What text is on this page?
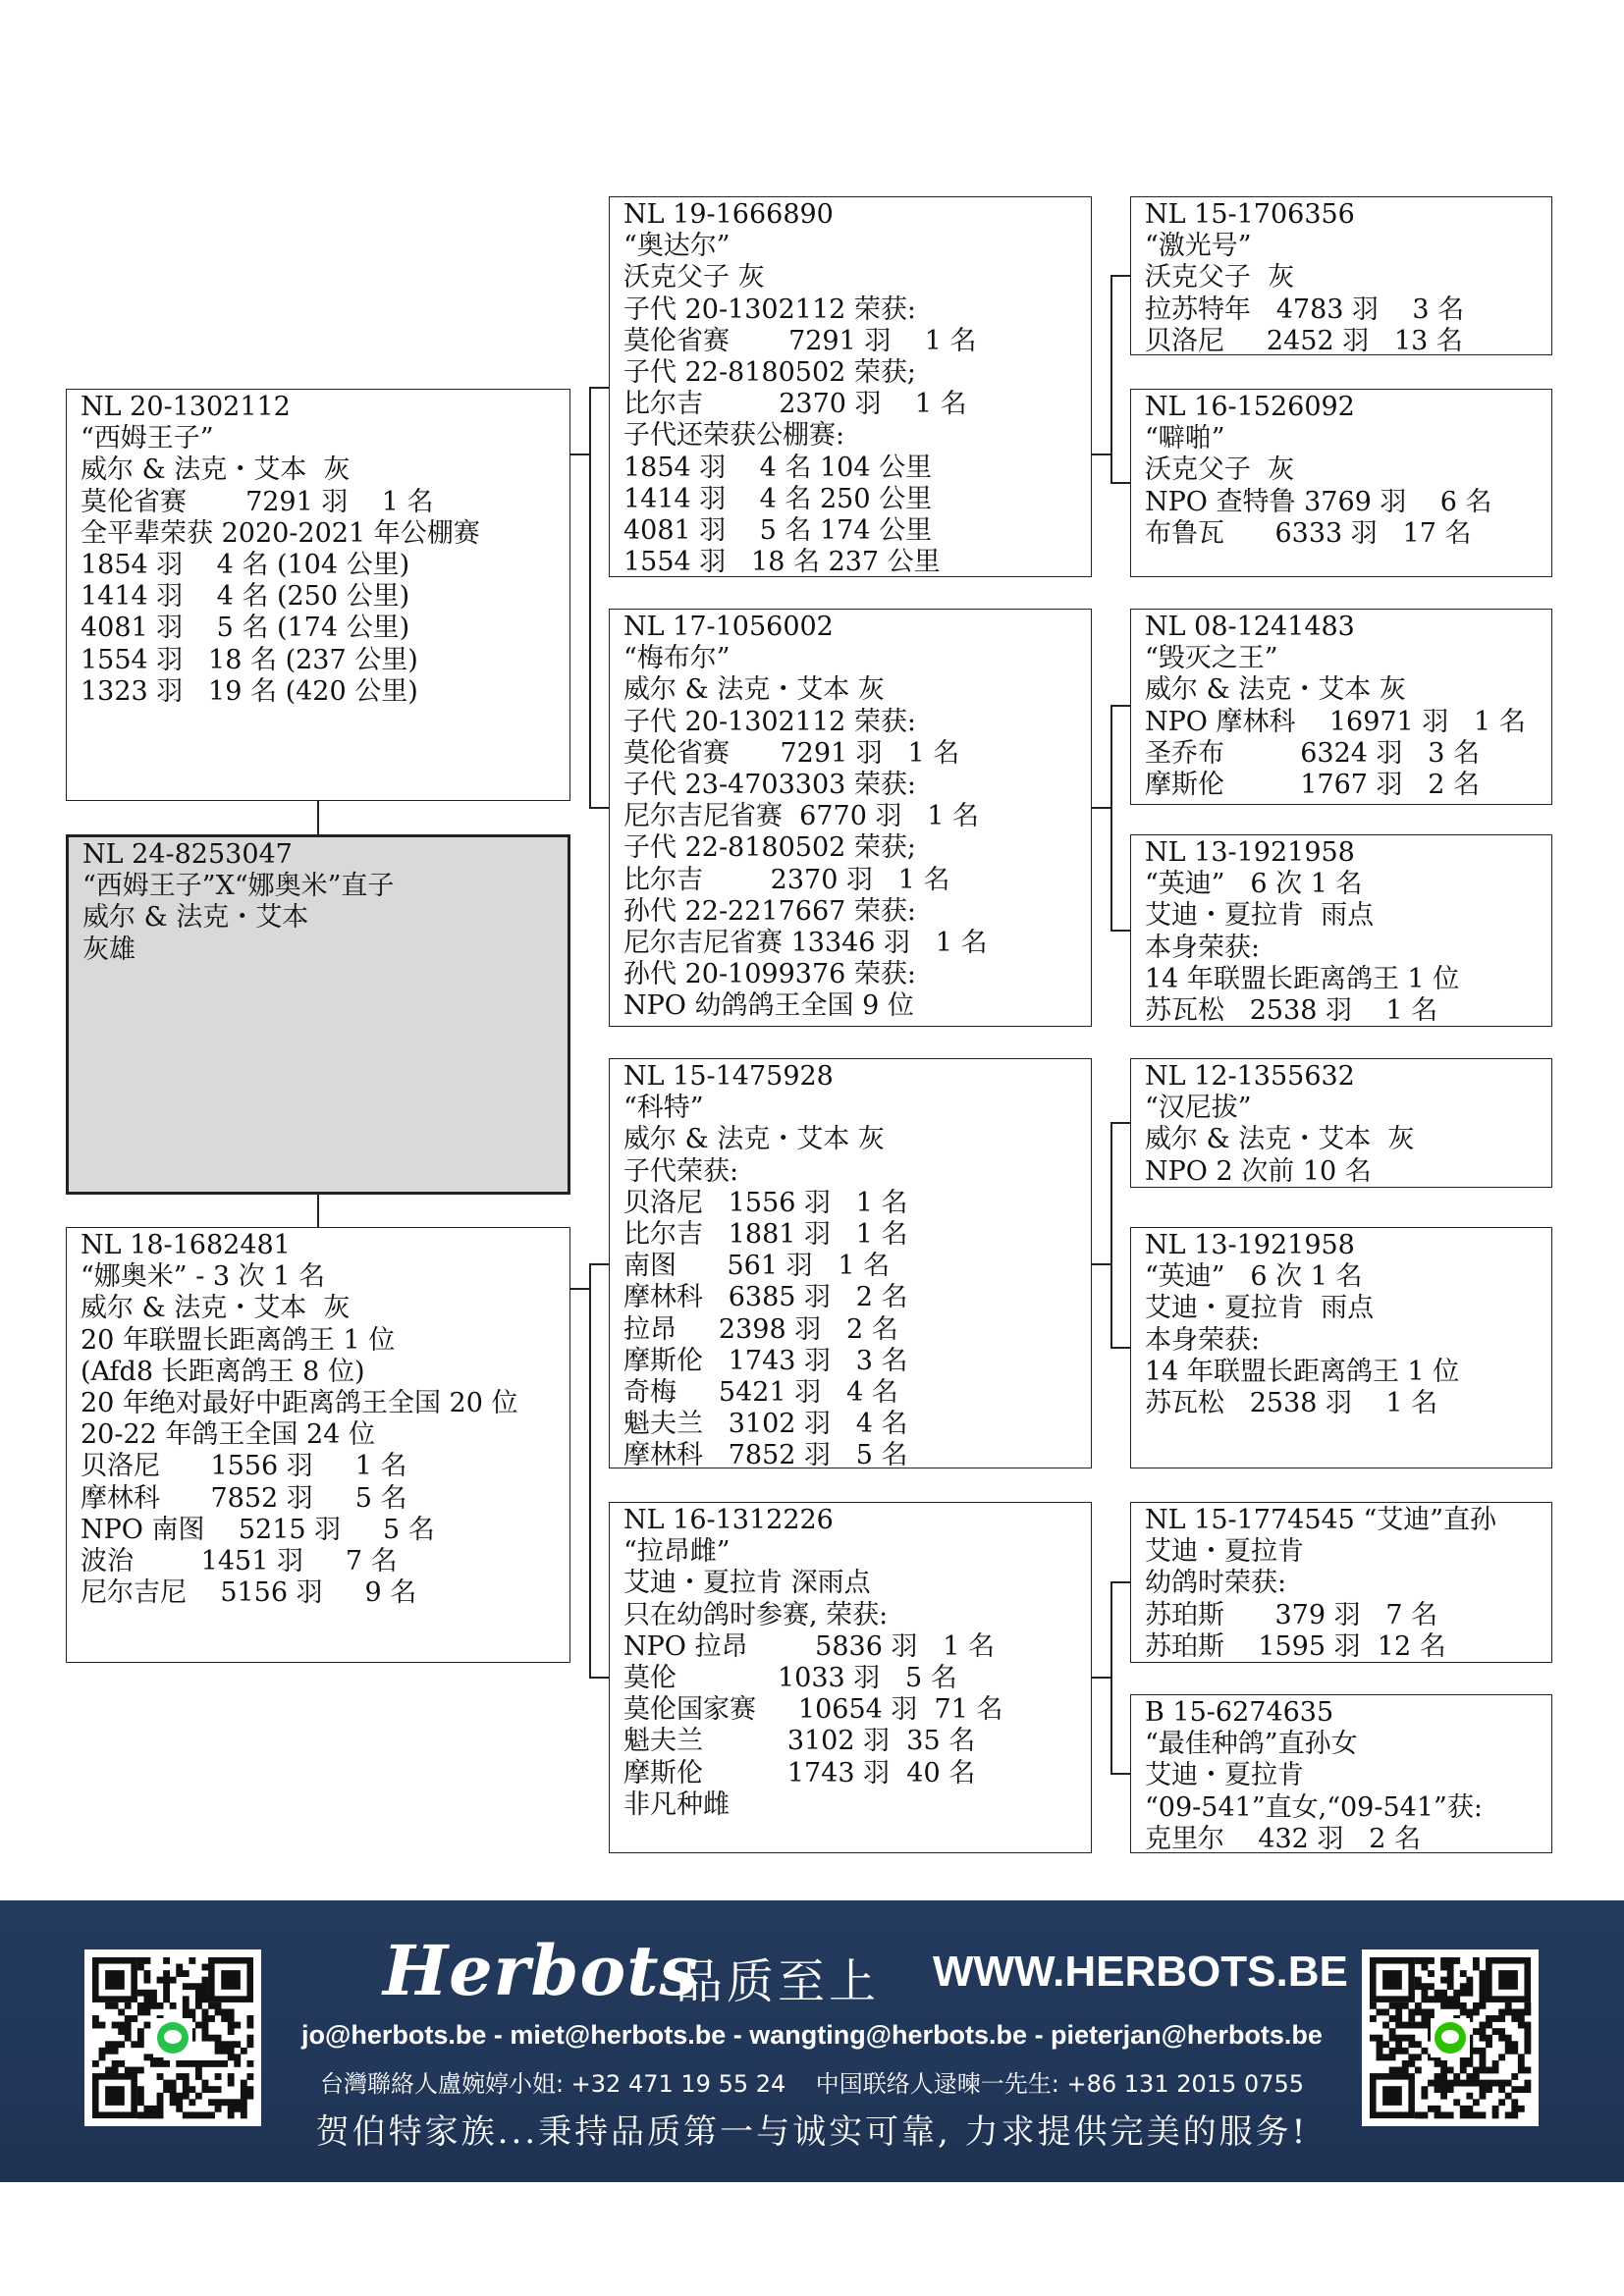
NL 24-8253047
“西姆王子”X“娜奥米”直子
威尔 & 法克・艾本
灰雄
NL 20-1302112
“西姆王子”
威尔 & 法克・艾本  灰
莫伦省赛       7291 羽    1 名
全平辈荣获 2020-2021 年公棚赛
1854 羽    4 名 (104 公里)
1414 羽    4 名 (250 公里)
4081 羽    5 名 (174 公里)
1554 羽   18 名 (237 公里)
1323 羽   19 名 (420 公里)
NL 18-1682481
“娜奥米” - 3 次 1 名
威尔 & 法克・艾本  灰
20 年联盟长距离鸽王 1 位
(Afd8 长距离鸽王 8 位)
20 年绝对最好中距离鸽王全国 20 位
20-22 年鸽王全国 24 位
贝洛尼      1556 羽     1 名
摩林科      7852 羽     5 名
NPO 南图    5215 羽     5 名
波治        1451 羽     7 名
尼尔吉尼    5156 羽     9 名
NL 19-1666890
“奥达尔”
沃克父子 灰
子代 20-1302112 荣获:
莫伦省赛       7291 羽    1 名
子代 22-8180502 荣获;
比尔吉         2370 羽    1 名
子代还荣获公棚赛:
1854 羽    4 名 104 公里
1414 羽    4 名 250 公里
4081 羽    5 名 174 公里
1554 羽   18 名 237 公里
NL 17-1056002
“梅布尔”
威尔 & 法克・艾本 灰
子代 20-1302112 荣获:
莫伦省赛      7291 羽   1 名
子代 23-4703303 荣获:
尼尔吉尼省赛  6770 羽   1 名
子代 22-8180502 荣获;
比尔吉        2370 羽   1 名
孙代 22-2217667 荣获:
尼尔吉尼省赛 13346 羽   1 名
孙代 20-1099376 荣获:
NPO 幼鸽鸽王全国 9 位
NL 15-1475928
“科特”
威尔 & 法克・艾本 灰
子代荣获:
贝洛尼   1556 羽   1 名
比尔吉   1881 羽   1 名
南图      561 羽   1 名
摩林科   6385 羽   2 名
拉昂     2398 羽   2 名
摩斯伦   1743 羽   3 名
奇梅     5421 羽   4 名
魁夫兰   3102 羽   4 名
摩林科   7852 羽   5 名
NL 16-1312226
“拉昂雌”
艾迪・夏拉肯 深雨点
只在幼鸽时参赛, 荣获:
NPO 拉昂        5836 羽   1 名
莫伦            1033 羽   5 名
莫伦国家赛     10654 羽  71 名
魁夫兰          3102 羽  35 名
摩斯伦          1743 羽  40 名
非凡种雌
NL 15-1706356
“激光号”
沃克父子  灰
拉苏特年   4783 羽    3 名
贝洛尼     2452 羽   13 名
NL 16-1526092
“噼啪”
沃克父子  灰
NPO 查特鲁 3769 羽    6 名
布鲁瓦      6333 羽   17 名
NL 08-1241483
“毁灭之王”
威尔 & 法克・艾本 灰
NPO 摩林科    16971 羽   1 名
圣乔布         6324 羽   3 名
摩斯伦         1767 羽   2 名
NL 13-1921958
“英迪”   6 次 1 名
艾迪・夏拉肯  雨点
本身荣获:
14 年联盟长距离鸽王 1 位
苏瓦松   2538 羽    1 名
NL 12-1355632
“汉尼拔”
威尔 & 法克・艾本  灰
NPO 2 次前 10 名
NL 13-1921958
“英迪”   6 次 1 名
艾迪・夏拉肯  雨点
本身荣获:
14 年联盟长距离鸽王 1 位
苏瓦松   2538 羽    1 名
NL 15-1774545 “艾迪”直孙
艾迪・夏拉肯
幼鸽时荣获:
苏珀斯      379 羽   7 名
苏珀斯    1595 羽  12 名
B 15-6274635
“最佳种鸽”直孙女
艾迪・夏拉肯
“09-541”直女,“09-541”获:
克里尔    432 羽   2 名
Herbots
品质至上 WWW.HERBOTS.BE
jo@herbots.be - miet@herbots.be - wangting@herbots.be - pieterjan@herbots.be
台灣聯絡人盧婉婷小姐: +32 471 19 55 24    中国联络人逯暕一先生: +86 131 2015 0755
贺伯特家族...秉持品质第一与诚实可靠, 力求提供完美的服务!
